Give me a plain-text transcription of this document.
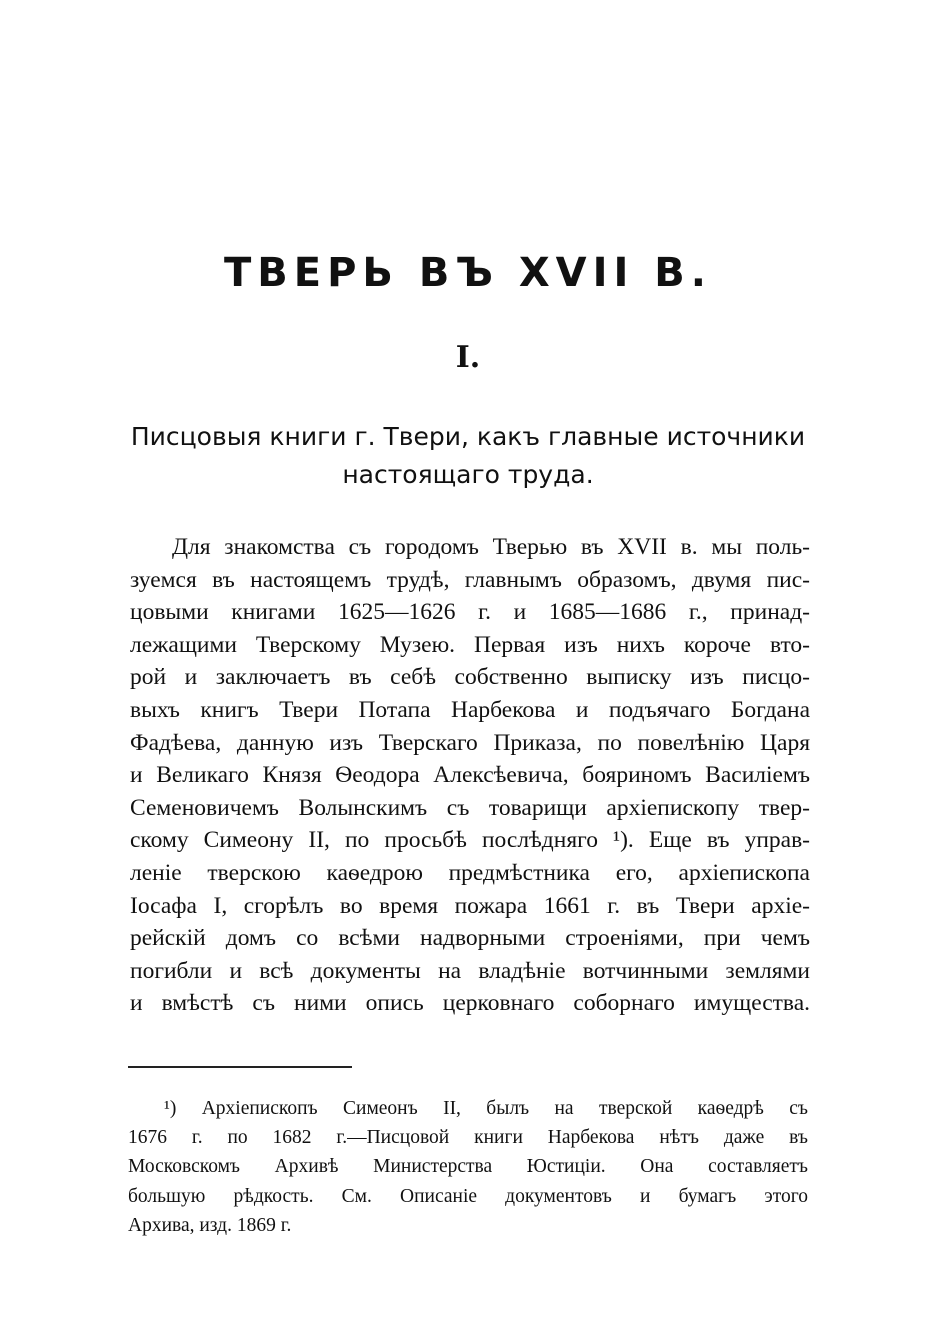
ТВЕРЬ ВЪ XVII В.
I.
Писцовыя книги г. Твери, какъ главные источники
настоящаго труда.
Для знакомства съ городомъ Тверью въ XVII в. мы поль-
зуемся въ настоящемъ трудѣ, главнымъ образомъ, двумя пис-
цовыми книгами 1625—1626 г. и 1685—1686 г., принад-
лежащими Тверскому Музею. Первая изъ нихъ короче вто-
рой и заключаетъ въ себѣ собственно выписку изъ писцо-
выхъ книгъ Твери Потапа Нарбекова и подъячаго Богдана
Фадѣева, данную изъ Тверскаго Приказа, по повелѣнію Царя
и Великаго Князя Ѳеодора Алексѣевича, бояриномъ Василіемъ
Семеновичемъ Волынскимъ съ товарищи архіепископу твер-
скому Симеону II, по просьбѣ послѣдняго ¹). Еще въ управ-
леніе тверскою каѳедрою предмѣстника его, архіепископа
Іосафа I, сгорѣлъ во время пожара 1661 г. въ Твери архіе-
рейскій домъ со всѣми надворными строеніями, при чемъ
погибли и всѣ документы на владѣніе вотчинными землями
и вмѣстѣ съ ними опись церковнаго соборнаго имущества.
¹) Архіепископъ Симеонъ II, былъ на тверской каѳедрѣ съ
1676 г. по 1682 г.—Писцовой книги Нарбекова нѣтъ даже въ
Московскомъ Архивѣ Министерства Юстиціи. Она составляетъ
большую рѣдкость. См. Описаніе документовъ и бумагъ этого
Архива, изд. 1869 г.
